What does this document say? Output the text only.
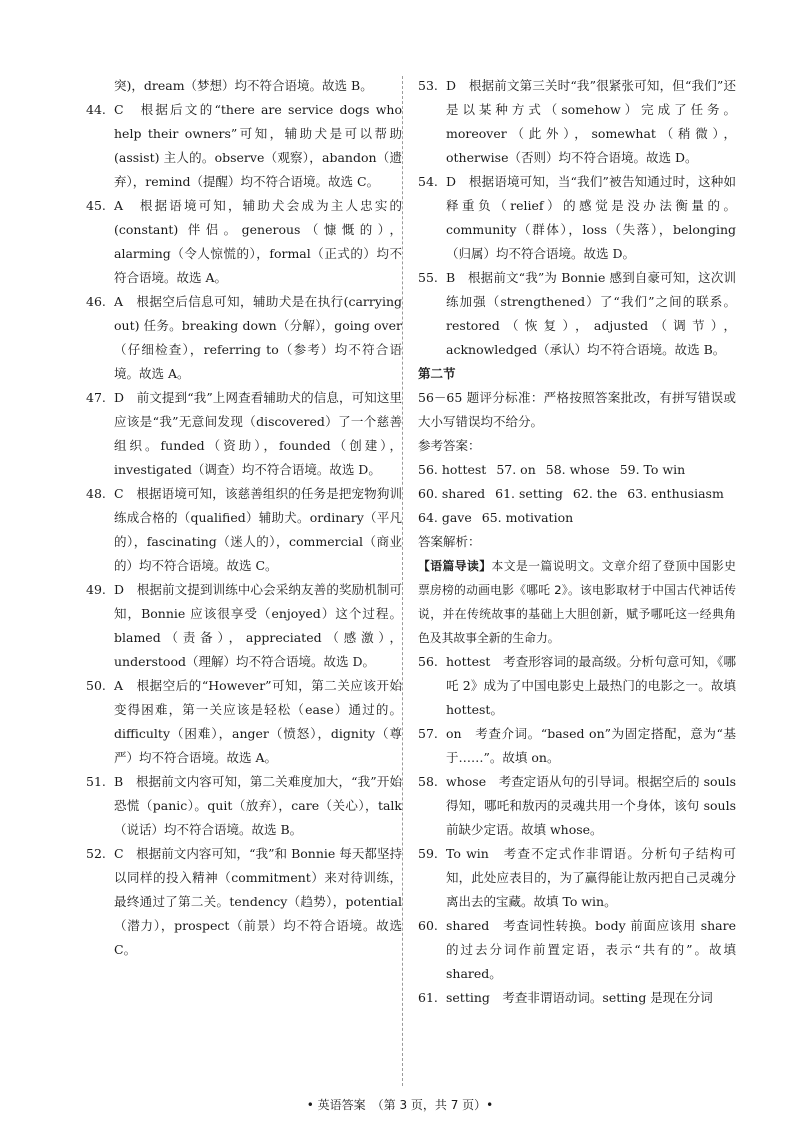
突)，dream（梦想）均不符合语境。故选 B。

44. C　根据后文的“there are service dogs who help their owners”可知，辅助犬是可以帮助(assist) 主人的。observe（观察），abandon（遗弃），remind（提醒）均不符合语境。故选 C。

45. A　根据语境可知，辅助犬会成为主人忠实的(constant) 伴侣。generous（慷慨的），alarming（令人惊慌的），formal（正式的）均不符合语境。故选 A。

46. A　根据空后信息可知，辅助犬是在执行(carrying out) 任务。breaking down（分解），going over（仔细检查），referring to（参考）均不符合语境。故选 A。

47. D　前文提到“我”上网查看辅助犬的信息，可知这里应该是“我”无意间发现（discovered）了一个慈善组织。funded（资助），founded（创建），investigated（调查）均不符合语境。故选 D。

48. C　根据语境可知，该慈善组织的任务是把宠物狗训练成合格的（qualified）辅助犬。ordinary（平凡的），fascinating（迷人的），commercial（商业的）均不符合语境。故选 C。

49. D　根据前文提到训练中心会采纳友善的奖励机制可知，Bonnie 应该很享受（enjoyed）这个过程。blamed（责备），appreciated（感激），understood（理解）均不符合语境。故选 D。

50. A　根据空后的“However”可知，第二关应该开始变得困难，第一关应该是轻松（ease）通过的。difficulty（困难），anger（愤怒），dignity（尊严）均不符合语境。故选 A。

51. B　根据前文内容可知，第二关难度加大，“我”开始恐慌（panic）。quit（放弃），care（关心），talk（说话）均不符合语境。故选 B。

52. C　根据前文内容可知，“我”和 Bonnie 每天都坚持以同样的投入精神（commitment）来对待训练，最终通过了第二关。tendency（趋势），potential（潜力），prospect（前景）均不符合语境。故选 C。

53. D　根据前文第三关时“我”很紧张可知，但“我们”还是以某种方式（somehow）完成了任务。moreover（此外），somewhat（稍微），otherwise（否则）均不符合语境。故选 D。

54. D　根据语境可知，当“我们”被告知通过时，这种如释重负（relief）的感觉是没办法衡量的。community（群体），loss（失落），belonging（归属）均不符合语境。故选 D。

55. B　根据前文“我”为 Bonnie 感到自豪可知，这次训练加强（strengthened）了“我们”之间的联系。restored（恢复），adjusted（调节），acknowledged（承认）均不符合语境。故选 B。

第二节

56－65 题评分标准：严格按照答案批改，有拼写错误或大小写错误均不给分。

参考答案：

56. hottest 57. on 58. whose 59. To win
60. shared 61. setting 62. the 63. enthusiasm
64. gave 65. motivation

答案解析：

【语篇导读】本文是一篇说明文。文章介绍了登顶中国影史票房榜的动画电影《哪吒 2》。该电影取材于中国古代神话传说，并在传统故事的基础上大胆创新，赋予哪吒这一经典角色及其故事全新的生命力。

56. hottest　考查形容词的最高级。分析句意可知，《哪吒 2》成为了中国电影史上最热门的电影之一。故填 hottest。

57. on　考查介词。“based on”为固定搭配，意为“基于……”。故填 on。

58. whose　考查定语从句的引导词。根据空后的 souls 得知，哪吒和敖丙的灵魂共用一个身体，该句 souls 前缺少定语。故填 whose。

59. To win　考查不定式作非谓语。分析句子结构可知，此处应表目的，为了赢得能让敖丙把自己灵魂分离出去的宝藏。故填 To win。

60. shared　考查词性转换。body 前面应该用 share 的过去分词作前置定语，表示“共有的”。故填 shared。

61. setting　考查非谓语动词。setting 是现在分词

• 英语答案　（第 3 页，共 7 页）•
